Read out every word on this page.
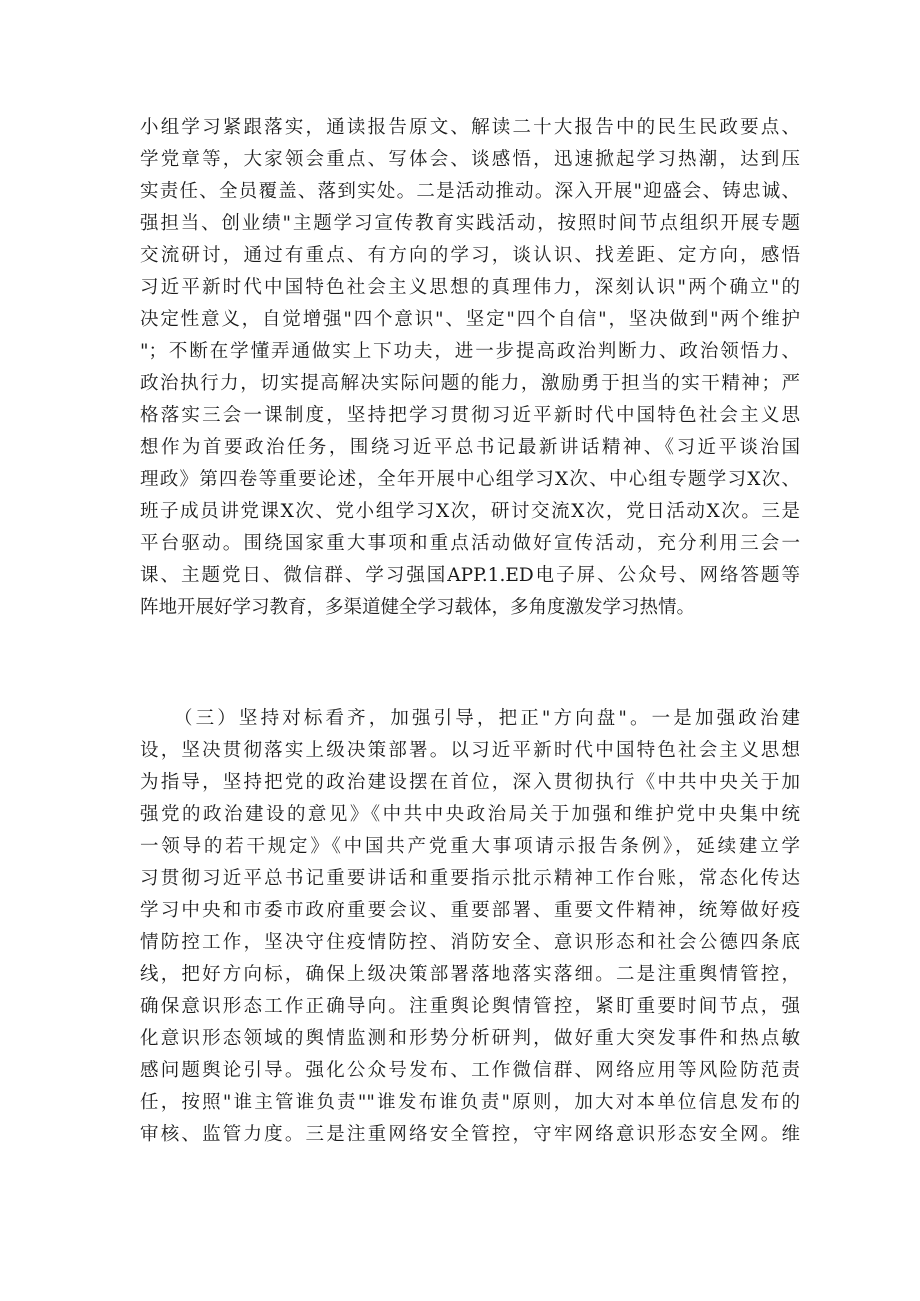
小组学习紧跟落实，通读报告原文、解读二十大报告中的民生民政要点、
学党章等，大家领会重点、写体会、谈感悟，迅速掀起学习热潮，达到压
实责任、全员覆盖、落到实处。二是活动推动。深入开展"迎盛会、铸忠诚、
强担当、创业绩"主题学习宣传教育实践活动，按照时间节点组织开展专题
交流研讨，通过有重点、有方向的学习，谈认识、找差距、定方向，感悟
习近平新时代中国特色社会主义思想的真理伟力，深刻认识"两个确立"的
决定性意义，自觉增强"四个意识"、坚定"四个自信"，坚决做到"两个维护
"；不断在学懂弄通做实上下功夫，进一步提高政治判断力、政治领悟力、
政治执行力，切实提高解决实际问题的能力，激励勇于担当的实干精神；严
格落实三会一课制度，坚持把学习贯彻习近平新时代中国特色社会主义思
想作为首要政治任务，围绕习近平总书记最新讲话精神、《习近平谈治国
理政》第四卷等重要论述，全年开展中心组学习X次、中心组专题学习X次、
班子成员讲党课X次、党小组学习X次，研讨交流X次，党日活动X次。三是
平台驱动。围绕国家重大事项和重点活动做好宣传活动，充分利用三会一
课、主题党日、微信群、学习强国APP.1.ED电子屏、公众号、网络答题等
阵地开展好学习教育，多渠道健全学习载体，多角度激发学习热情。
　　（三）坚持对标看齐，加强引导，把正"方向盘"。一是加强政治建
设，坚决贯彻落实上级决策部署。以习近平新时代中国特色社会主义思想
为指导，坚持把党的政治建设摆在首位，深入贯彻执行《中共中央关于加
强党的政治建设的意见》《中共中央政治局关于加强和维护党中央集中统
一领导的若干规定》《中国共产党重大事项请示报告条例》，延续建立学
习贯彻习近平总书记重要讲话和重要指示批示精神工作台账，常态化传达
学习中央和市委市政府重要会议、重要部署、重要文件精神，统筹做好疫
情防控工作，坚决守住疫情防控、消防安全、意识形态和社会公德四条底
线，把好方向标，确保上级决策部署落地落实落细。二是注重舆情管控，
确保意识形态工作正确导向。注重舆论舆情管控，紧盯重要时间节点，强
化意识形态领域的舆情监测和形势分析研判，做好重大突发事件和热点敏
感问题舆论引导。强化公众号发布、工作微信群、网络应用等风险防范责
任，按照"谁主管谁负责""谁发布谁负责"原则，加大对本单位信息发布的
审核、监管力度。三是注重网络安全管控，守牢网络意识形态安全网。维
